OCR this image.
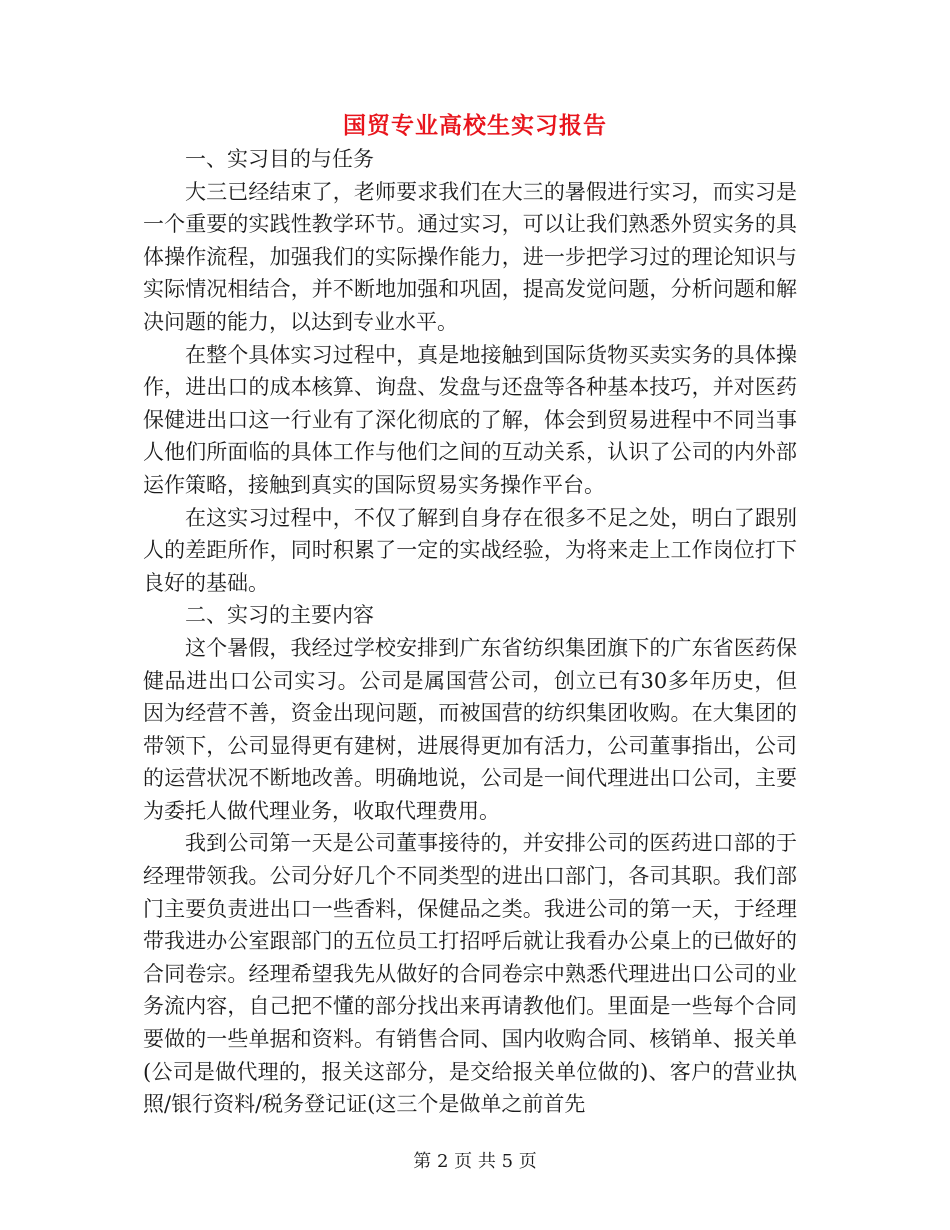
国贸专业高校生实习报告

一、实习目的与任务

大三已经结束了，老师要求我们在大三的暑假进行实习，而实习是一个重要的实践性教学环节。通过实习，可以让我们熟悉外贸实务的具体操作流程，加强我们的实际操作能力，进一步把学习过的理论知识与实际情况相结合，并不断地加强和巩固，提高发觉问题，分析问题和解决问题的能力，以达到专业水平。

在整个具体实习过程中，真是地接触到国际货物买卖实务的具体操作，进出口的成本核算、询盘、发盘与还盘等各种基本技巧，并对医药保健进出口这一行业有了深化彻底的了解，体会到贸易进程中不同当事人他们所面临的具体工作与他们之间的互动关系，认识了公司的内外部运作策略，接触到真实的国际贸易实务操作平台。

在这实习过程中，不仅了解到自身存在很多不足之处，明白了跟别人的差距所作，同时积累了一定的实战经验，为将来走上工作岗位打下良好的基础。

二、实习的主要内容

这个暑假，我经过学校安排到广东省纺织集团旗下的广东省医药保健品进出口公司实习。公司是属国营公司，创立已有30多年历史，但因为经营不善，资金出现问题，而被国营的纺织集团收购。在大集团的带领下，公司显得更有建树，进展得更加有活力，公司董事指出，公司的运营状况不断地改善。明确地说，公司是一间代理进出口公司，主要为委托人做代理业务，收取代理费用。

我到公司第一天是公司董事接待的，并安排公司的医药进口部的于经理带领我。公司分好几个不同类型的进出口部门，各司其职。我们部门主要负责进出口一些香料，保健品之类。我进公司的第一天，于经理带我进办公室跟部门的五位员工打招呼后就让我看办公桌上的已做好的合同卷宗。经理希望我先从做好的合同卷宗中熟悉代理进出口公司的业务流内容，自己把不懂的部分找出来再请教他们。里面是一些每个合同要做的一些单据和资料。有销售合同、国内收购合同、核销单、报关单(公司是做代理的，报关这部分，是交给报关单位做的)、客户的营业执照/银行资料/税务登记证(这三个是做单之前首先

第 2 页 共 5 页
